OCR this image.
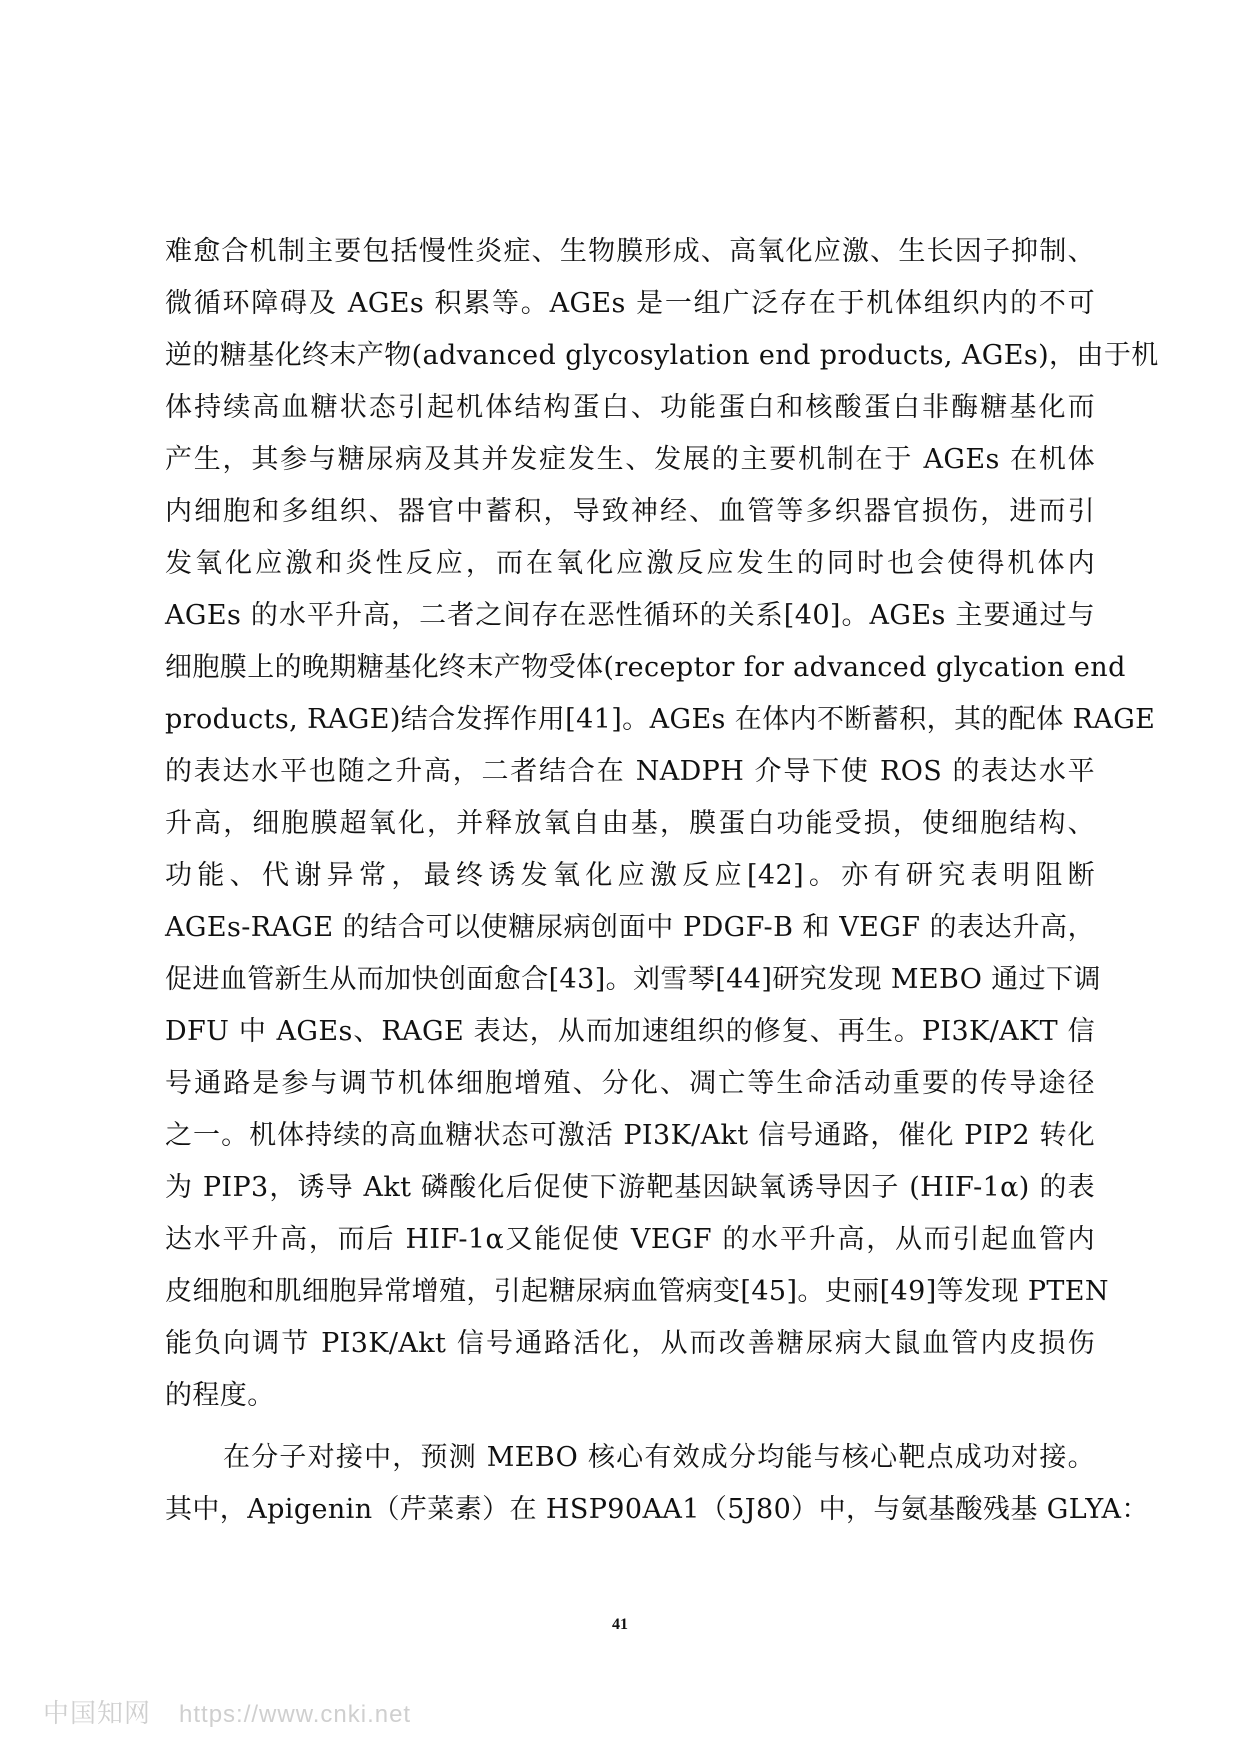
难愈合机制主要包括慢性炎症、生物膜形成、高氧化应激、生长因子抑制、
微循环障碍及 AGEs 积累等。AGEs 是一组广泛存在于机体组织内的不可
逆的糖基化终末产物(advanced glycosylation end products, AGEs)，由于机
体持续高血糖状态引起机体结构蛋白、功能蛋白和核酸蛋白非酶糖基化而
产生，其参与糖尿病及其并发症发生、发展的主要机制在于 AGEs 在机体
内细胞和多组织、器官中蓄积，导致神经、血管等多织器官损伤，进而引
发氧化应激和炎性反应，而在氧化应激反应发生的同时也会使得机体内
AGEs 的水平升高，二者之间存在恶性循环的关系[40]。AGEs 主要通过与
细胞膜上的晚期糖基化终末产物受体(receptor for advanced glycation end
products, RAGE)结合发挥作用[41]。AGEs 在体内不断蓄积，其的配体 RAGE
的表达水平也随之升高，二者结合在 NADPH 介导下使 ROS 的表达水平
升高，细胞膜超氧化，并释放氧自由基，膜蛋白功能受损，使细胞结构、
功能、代谢异常，最终诱发氧化应激反应[42]。亦有研究表明阻断
AGEs-RAGE 的结合可以使糖尿病创面中 PDGF-B 和 VEGF 的表达升高，
促进血管新生从而加快创面愈合[43]。刘雪琴[44]研究发现 MEBO 通过下调
DFU 中 AGEs、RAGE 表达，从而加速组织的修复、再生。PI3K/AKT 信
号通路是参与调节机体细胞增殖、分化、凋亡等生命活动重要的传导途径
之一。机体持续的高血糖状态可激活 PI3K/Akt 信号通路，催化 PIP2 转化
为 PIP3，诱导 Akt 磷酸化后促使下游靶基因缺氧诱导因子 (HIF-1α) 的表
达水平升高，而后 HIF-1α又能促使 VEGF 的水平升高，从而引起血管内
皮细胞和肌细胞异常增殖，引起糖尿病血管病变[45]。史丽[49]等发现 PTEN
能负向调节 PI3K/Akt 信号通路活化，从而改善糖尿病大鼠血管内皮损伤
的程度。
在分子对接中，预测 MEBO 核心有效成分均能与核心靶点成功对接。
其中，Apigenin（芹菜素）在 HSP90AA1（5J80）中，与氨基酸残基 GLYA：
41
中国知网 https://www.cnki.net
